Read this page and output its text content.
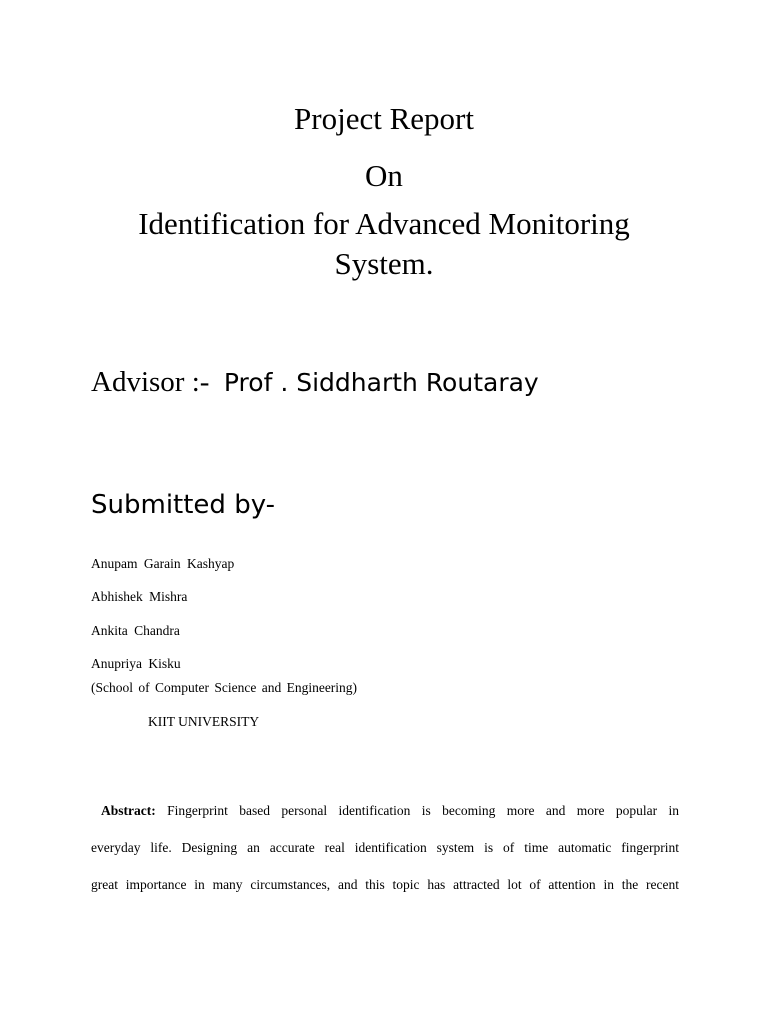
Project Report
On
Identification for Advanced Monitoring
System.
Advisor :- Prof . Siddharth Routaray
Submitted by-
Anupam Garain Kashyap
Abhishek Mishra
Ankita Chandra
Anupriya Kisku
(School of Computer Science and Engineering)
KIIT UNIVERSITY
Abstract: Fingerprint based personal identification is becoming more and more popular in
everyday life. Designing an accurate real identification system is of time automatic fingerprint
great importance in many circumstances, and this topic has attracted lot of attention in the recent
